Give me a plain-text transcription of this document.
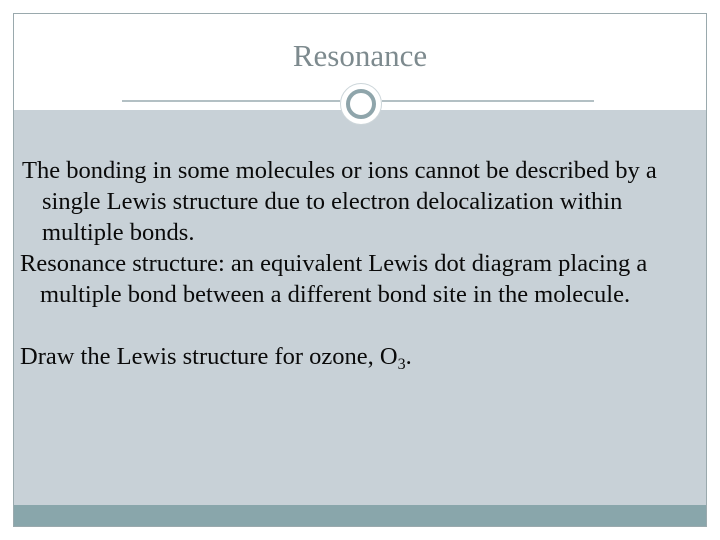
Resonance

The bonding in some molecules or ions cannot be described by a single Lewis structure due to electron delocalization within multiple bonds.

Resonance structure: an equivalent Lewis dot diagram placing a multiple bond between a different bond site in the molecule.

Draw the Lewis structure for ozone, $O_3$.
